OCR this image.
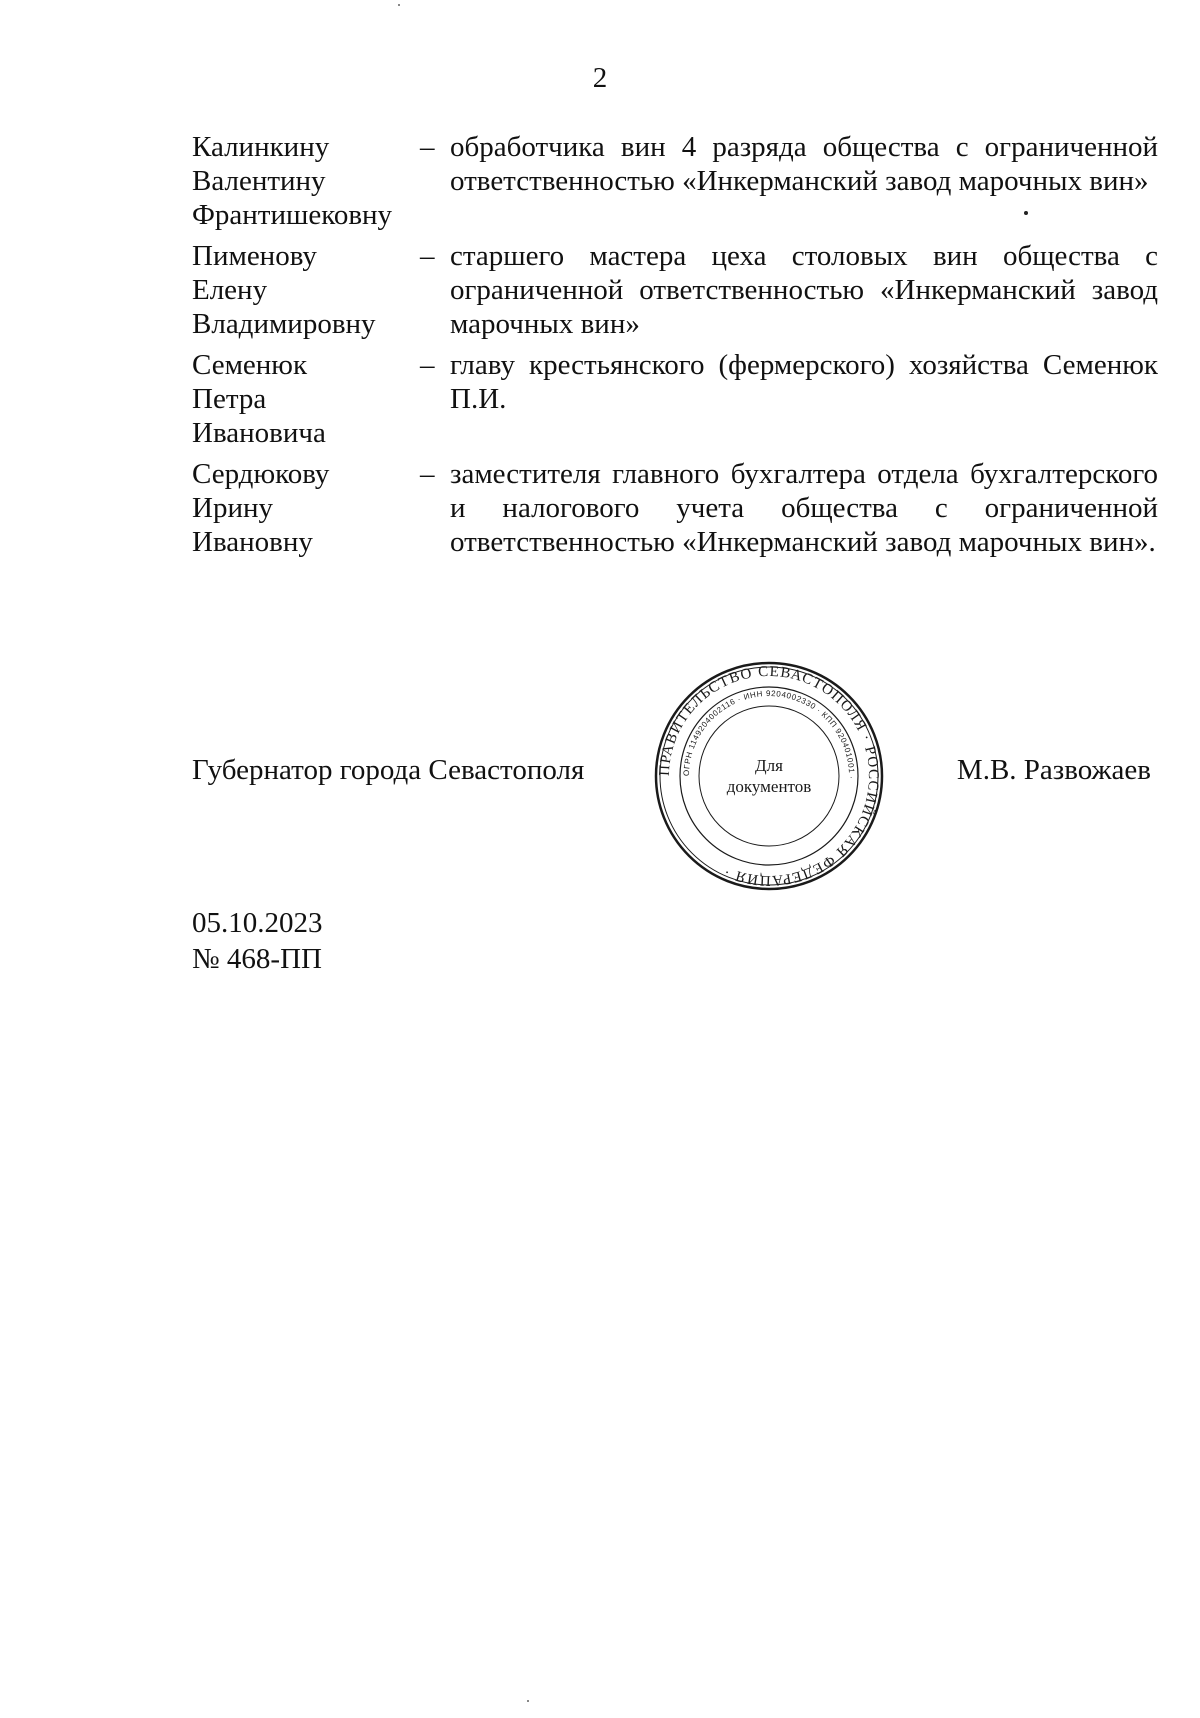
2
Калинкину
Валентину
Франтишековну
– обработчика вин 4 разряда общества с ограниченной ответственностью «Инкерманский завод марочных вин»
Пименову
Елену
Владимировну
– старшего мастера цеха столовых вин общества с ограниченной ответственностью «Инкерманский завод марочных вин»
Семенюк
Петра
Ивановича
– главу крестьянского (фермерского) хозяйства Семенюк П.И.
Сердюкову
Ирину
Ивановну
– заместителя главного бухгалтера отдела бухгалтерского и налогового учета общества с ограниченной ответственностью «Инкерманский завод марочных вин».
Губернатор города Севастополя	ПРАВИТЕЛЬСТВО СЕВАСТОПОЛЯ · РОССИЙСКАЯ ФЕДЕРАЦИЯ ·
ОГРН 1149204002116 · ИНН 9204002330 · КПП 920401001 ·
Для
документов
М.В. Развожаев
05.10.2023
№ 468-ПП
